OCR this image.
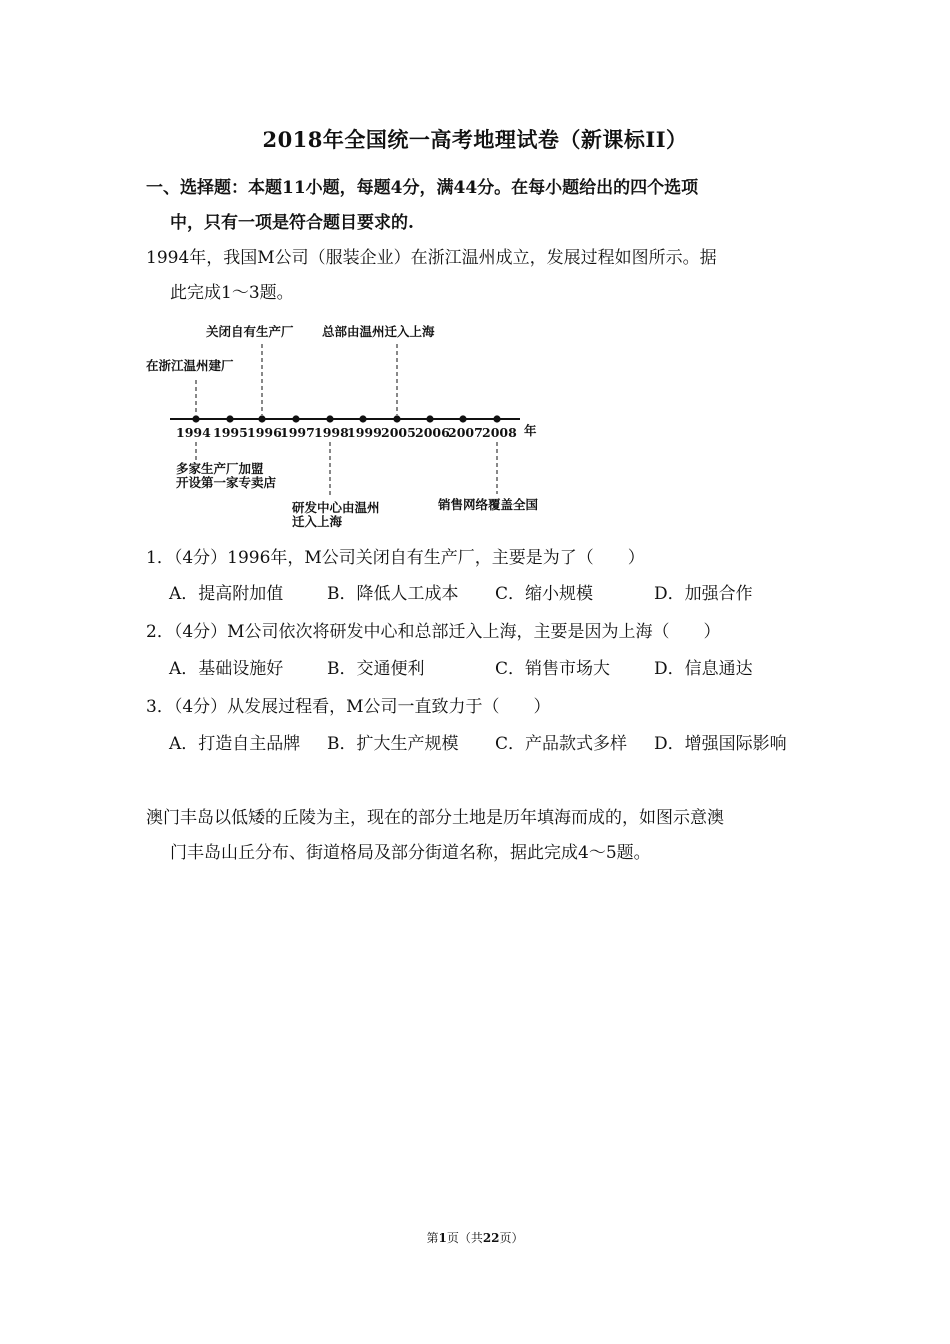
2018年全国统一高考地理试卷（新课标II）
一、选择题：本题11小题，每题4分，满44分。在每小题给出的四个选项
中，只有一项是符合题目要求的.
1994年，我国M公司（服装企业）在浙江温州成立，发展过程如图所示。据
此完成1～3题。
1994 1995 1996
1997 1998
1999 2005 2006
2007 2008 年
在浙江温州建厂
关闭自有生产厂 总部由温州迁入上海
多家生产厂加盟
开设第一家专卖店
研发中心由温州
迁入上海
销售网络覆盖全国
1．（4分）1996年，M公司关闭自有生产厂，主要是为了（　　）
A．提高附加值	B．降低人工成本 C．缩小规模	D．加强合作
2．（4分）M公司依次将研发中心和总部迁入上海，主要是因为上海（　　）
A．基础设施好	B．交通便利	C．销售市场大	D．信息通达
3．（4分）从发展过程看，M公司一直致力于（　　）
A．打造自主品牌 B．扩大生产规模 C．产品款式多样 D．增强国际影响
澳门丰岛以低矮的丘陵为主，现在的部分土地是历年填海而成的，如图示意澳
门丰岛山丘分布、街道格局及部分街道名称，据此完成4～5题。
第1页（共22页）
